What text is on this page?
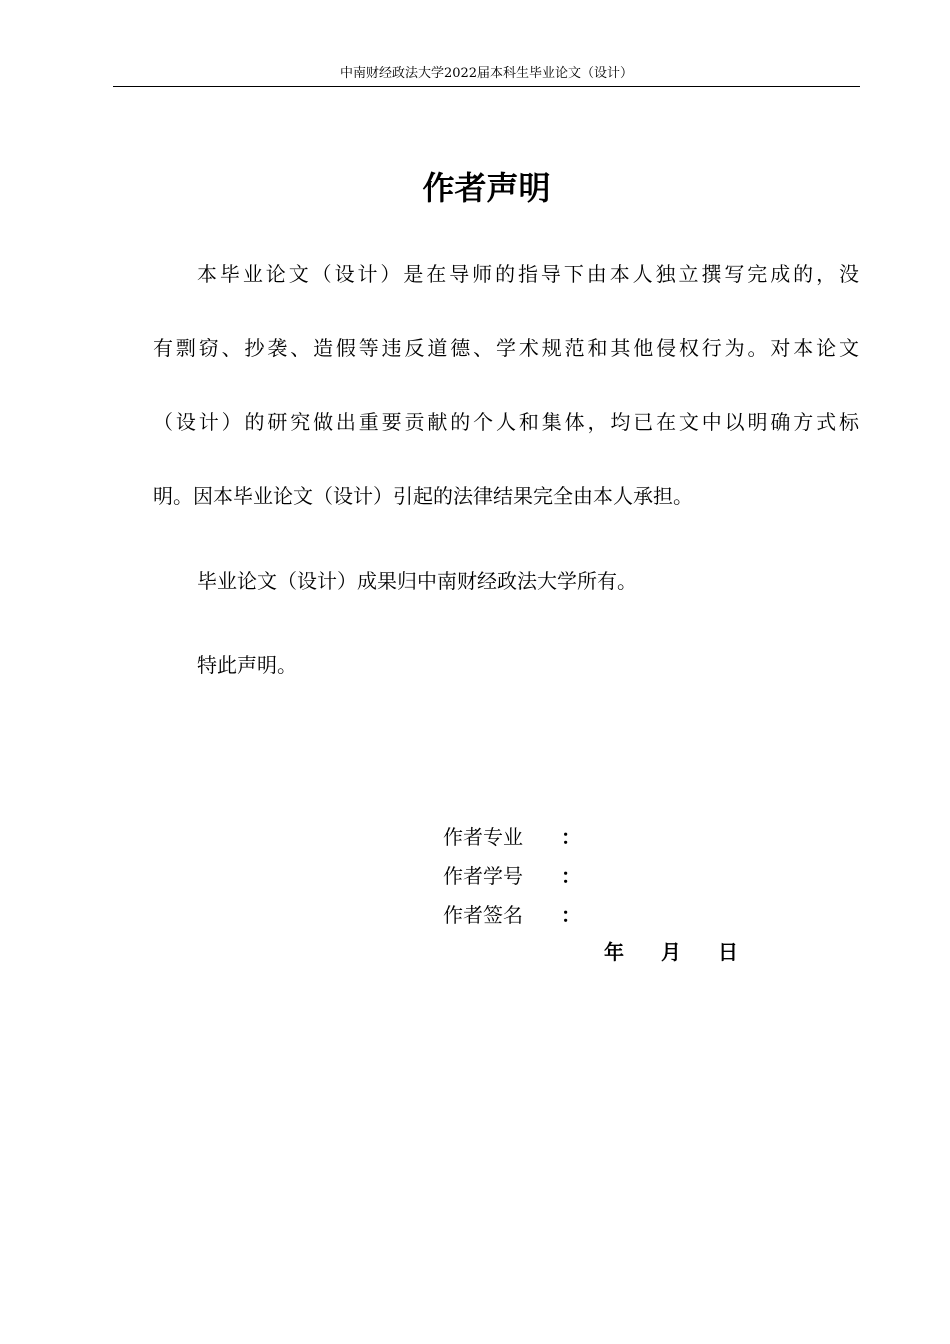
中南财经政法大学2022届本科生毕业论文（设计）
作者声明
本毕业论文（设计）是在导师的指导下由本人独立撰写完成的，没
有剽窃、抄袭、造假等违反道德、学术规范和其他侵权行为。对本论文
（设计）的研究做出重要贡献的个人和集体，均已在文中以明确方式标
明。因本毕业论文（设计）引起的法律结果完全由本人承担。
毕业论文（设计）成果归中南财经政法大学所有。
特此声明。
作者专业 ：
作者学号 ：
作者签名 ：
年 月 日
